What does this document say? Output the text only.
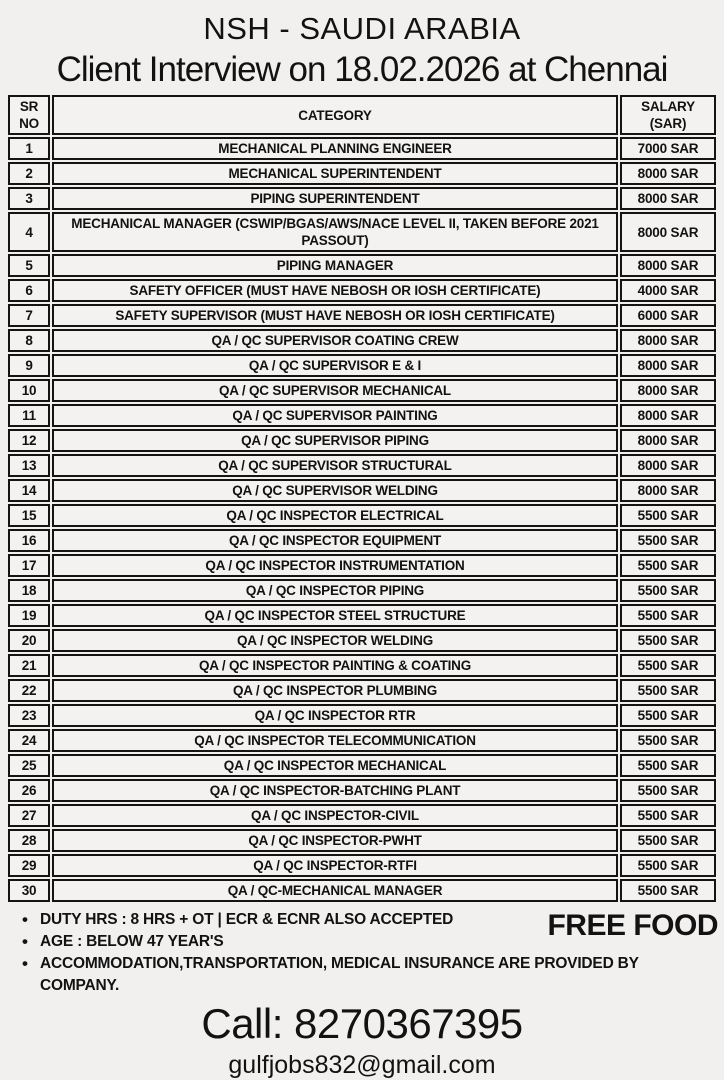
NSH - SAUDI ARABIA
Client Interview on 18.02.2026 at Chennai
SR NO	CATEGORY	SALARY (SAR)
1	MECHANICAL PLANNING ENGINEER	7000 SAR
2	MECHANICAL SUPERINTENDENT	8000 SAR
3	PIPING SUPERINTENDENT	8000 SAR
4	MECHANICAL MANAGER (CSWIP/BGAS/AWS/NACE LEVEL II, TAKEN BEFORE 2021 PASSOUT)	8000 SAR
5	PIPING MANAGER	8000 SAR
6	SAFETY OFFICER (MUST HAVE NEBOSH OR IOSH CERTIFICATE)	4000 SAR
7	SAFETY SUPERVISOR (MUST HAVE NEBOSH OR IOSH CERTIFICATE)	6000 SAR
8	QA / QC SUPERVISOR COATING CREW	8000 SAR
9	QA / QC SUPERVISOR E & I	8000 SAR
10	QA / QC SUPERVISOR MECHANICAL	8000 SAR
11	QA / QC SUPERVISOR PAINTING	8000 SAR
12	QA / QC SUPERVISOR PIPING	8000 SAR
13	QA / QC SUPERVISOR STRUCTURAL	8000 SAR
14	QA / QC SUPERVISOR WELDING	8000 SAR
15	QA / QC INSPECTOR ELECTRICAL	5500 SAR
16	QA / QC INSPECTOR EQUIPMENT	5500 SAR
17	QA / QC INSPECTOR INSTRUMENTATION	5500 SAR
18	QA / QC INSPECTOR PIPING	5500 SAR
19	QA / QC INSPECTOR STEEL STRUCTURE	5500 SAR
20	QA / QC INSPECTOR WELDING	5500 SAR
21	QA / QC INSPECTOR PAINTING & COATING	5500 SAR
22	QA / QC INSPECTOR PLUMBING	5500 SAR
23	QA / QC INSPECTOR RTR	5500 SAR
24	QA / QC INSPECTOR TELECOMMUNICATION	5500 SAR
25	QA / QC INSPECTOR MECHANICAL	5500 SAR
26	QA / QC INSPECTOR-BATCHING PLANT	5500 SAR
27	QA / QC INSPECTOR-CIVIL	5500 SAR
28	QA / QC INSPECTOR-PWHT	5500 SAR
29	QA / QC INSPECTOR-RTFI	5500 SAR
30	QA / QC-MECHANICAL MANAGER	5500 SAR
• DUTY HRS : 8 HRS + OT | ECR & ECNR ALSO ACCEPTED
• AGE : BELOW 47 YEAR'S
• ACCOMMODATION,TRANSPORTATION, MEDICAL INSURANCE ARE PROVIDED BY COMPANY.
FREE FOOD
Call: 8270367395
gulfjobs832@gmail.com
